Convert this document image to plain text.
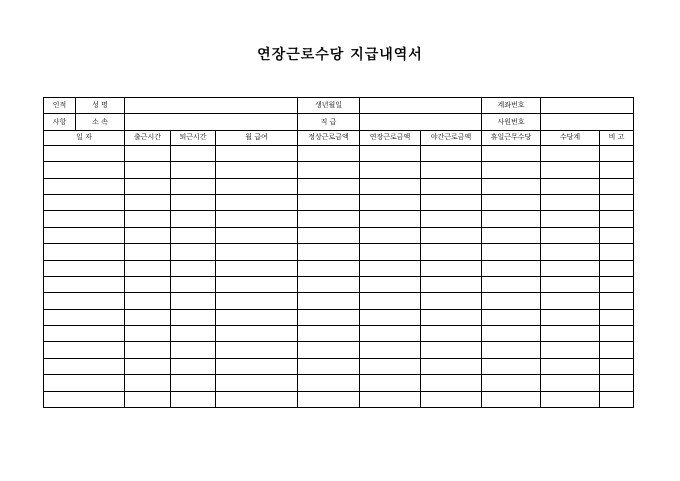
연장근로수당 지급내역서
인적	성 명				생년월일			계좌번호		
사항	소 속				직 급			사원번호		
일 자		출근시간	퇴근시간	월 급여	정상근로금액	연장근로금액	야간근로금액	휴일근무수당	수당계	비 고
